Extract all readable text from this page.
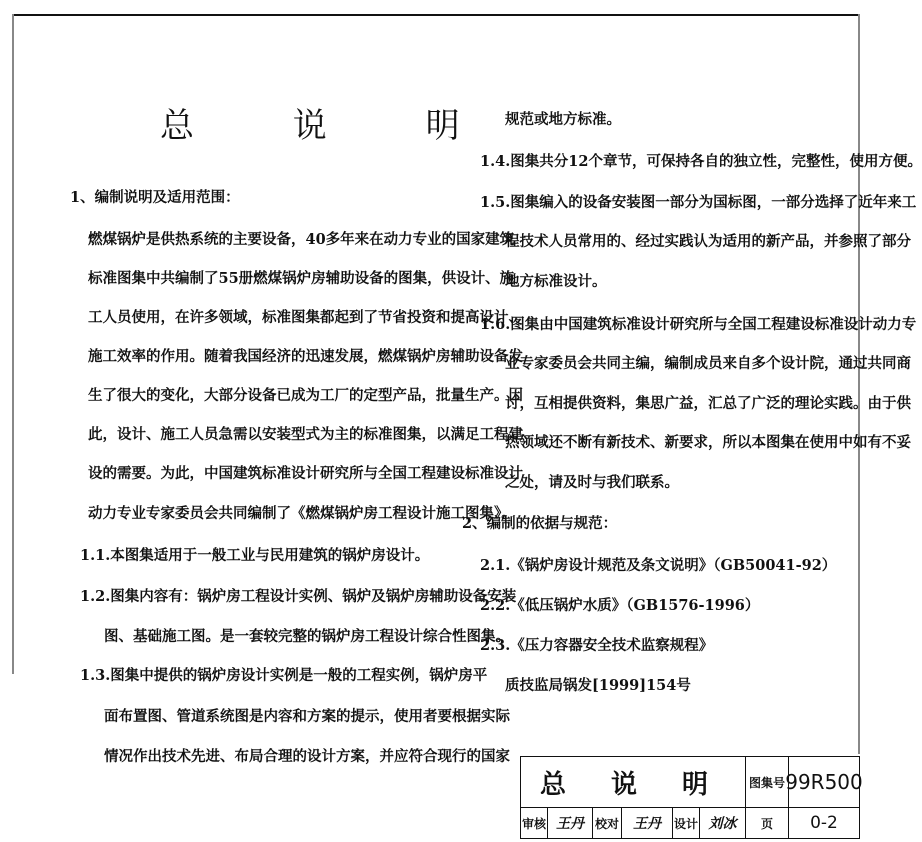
总 说 明
1、编制说明及适用范围：
燃煤锅炉是供热系统的主要设备，40多年来在动力专业的国家建筑
标准图集中共编制了55册燃煤锅炉房辅助设备的图集，供设计、施
工人员使用，在许多领域，标准图集都起到了节省投资和提高设计、
施工效率的作用。随着我国经济的迅速发展，燃煤锅炉房辅助设备发
生了很大的变化，大部分设备已成为工厂的定型产品，批量生产。因
此，设计、施工人员急需以安装型式为主的标准图集，以满足工程建
设的需要。为此，中国建筑标准设计研究所与全国工程建设标准设计
动力专业专家委员会共同编制了《燃煤锅炉房工程设计施工图集》。
1.1.本图集适用于一般工业与民用建筑的锅炉房设计。
1.2.图集内容有：锅炉房工程设计实例、锅炉及锅炉房辅助设备安装
图、基础施工图。是一套较完整的锅炉房工程设计综合性图集。
1.3.图集中提供的锅炉房设计实例是一般的工程实例，锅炉房平
面布置图、管道系统图是内容和方案的提示，使用者要根据实际
情况作出技术先进、布局合理的设计方案，并应符合现行的国家
规范或地方标准。
1.4.图集共分12个章节，可保持各自的独立性，完整性，使用方便。
1.5.图集编入的设备安装图一部分为国标图，一部分选择了近年来工
程技术人员常用的、经过实践认为适用的新产品，并参照了部分
地方标准设计。
1.6.图集由中国建筑标准设计研究所与全国工程建设标准设计动力专
业专家委员会共同主编，编制成员来自多个设计院，通过共同商
讨，互相提供资料，集思广益，汇总了广泛的理论实践。由于供
热领域还不断有新技术、新要求，所以本图集在使用中如有不妥
之处，请及时与我们联系。
2、编制的依据与规范：
2.1.《锅炉房设计规范及条文说明》（GB50041-92）
2.2.《低压锅炉水质》（GB1576-1996）
2.3.《压力容器安全技术监察规程》
质技监局锅发[1999]154号
总 说 明	图集号 99R500
审核 王丹 校对	王丹	设计 刘冰	页	0-2
